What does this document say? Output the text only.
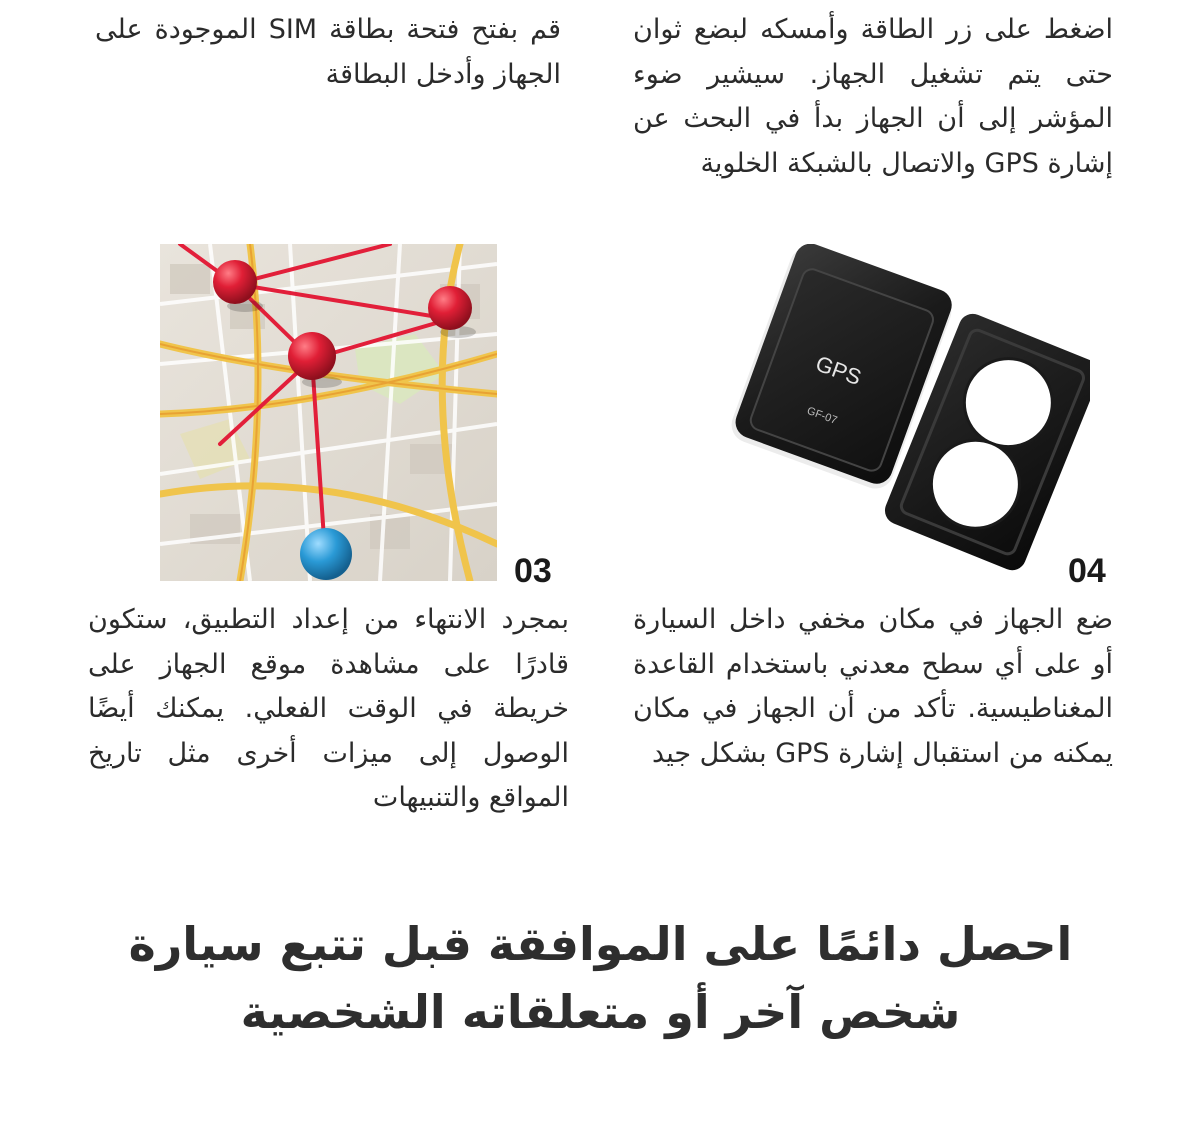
اضغط على زر الطاقة وأمسكه لبضع ثوان حتى يتم تشغيل الجهاز. سيشير ضوء المؤشر إلى أن الجهاز بدأ في البحث عن إشارة GPS والاتصال بالشبكة الخلوية

قم بفتح فتحة بطاقة SIM الموجودة على الجهاز وأدخل البطاقة

GPS
GF-07
03	04

ضع الجهاز في مكان مخفي داخل السيارة أو على أي سطح معدني باستخدام القاعدة المغناطيسية. تأكد من أن الجهاز في مكان يمكنه من استقبال إشارة GPS بشكل جيد

بمجرد الانتهاء من إعداد التطبيق، ستكون قادرًا على مشاهدة موقع الجهاز على خريطة في الوقت الفعلي. يمكنك أيضًا الوصول إلى ميزات أخرى مثل تاريخ المواقع والتنبيهات

احصل دائمًا على الموافقة قبل تتبع سيارة شخص آخر أو متعلقاته الشخصية
